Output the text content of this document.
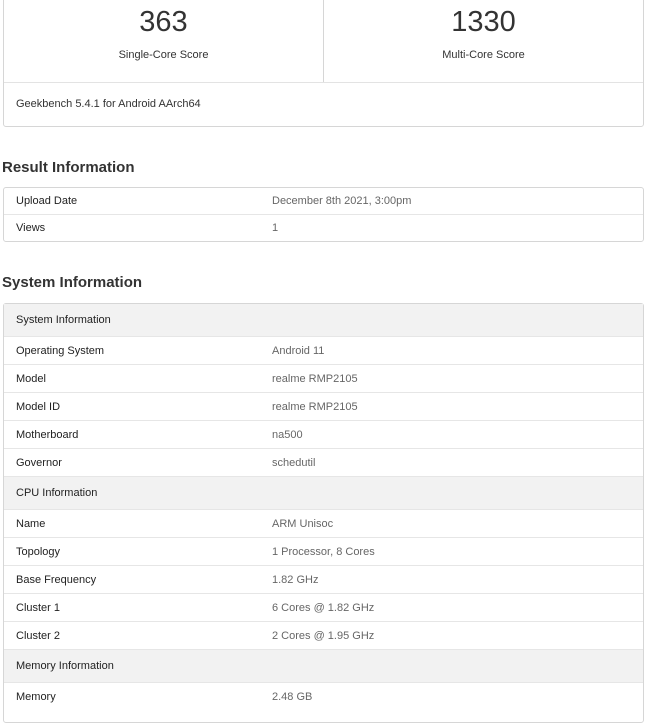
363
Single-Core Score
1330
Multi-Core Score
Geekbench 5.4.1 for Android AArch64
Result Information
Upload Date	December 8th 2021, 3:00pm
Views	1
System Information
System Information	
Operating System	Android 11
Model	realme RMP2105
Model ID	realme RMP2105
Motherboard	na500
Governor	schedutil
CPU Information	
Name	ARM Unisoc
Topology	1 Processor, 8 Cores
Base Frequency	1.82 GHz
Cluster 1	6 Cores @ 1.82 GHz
Cluster 2	2 Cores @ 1.95 GHz
Memory Information	
Memory	2.48 GB
